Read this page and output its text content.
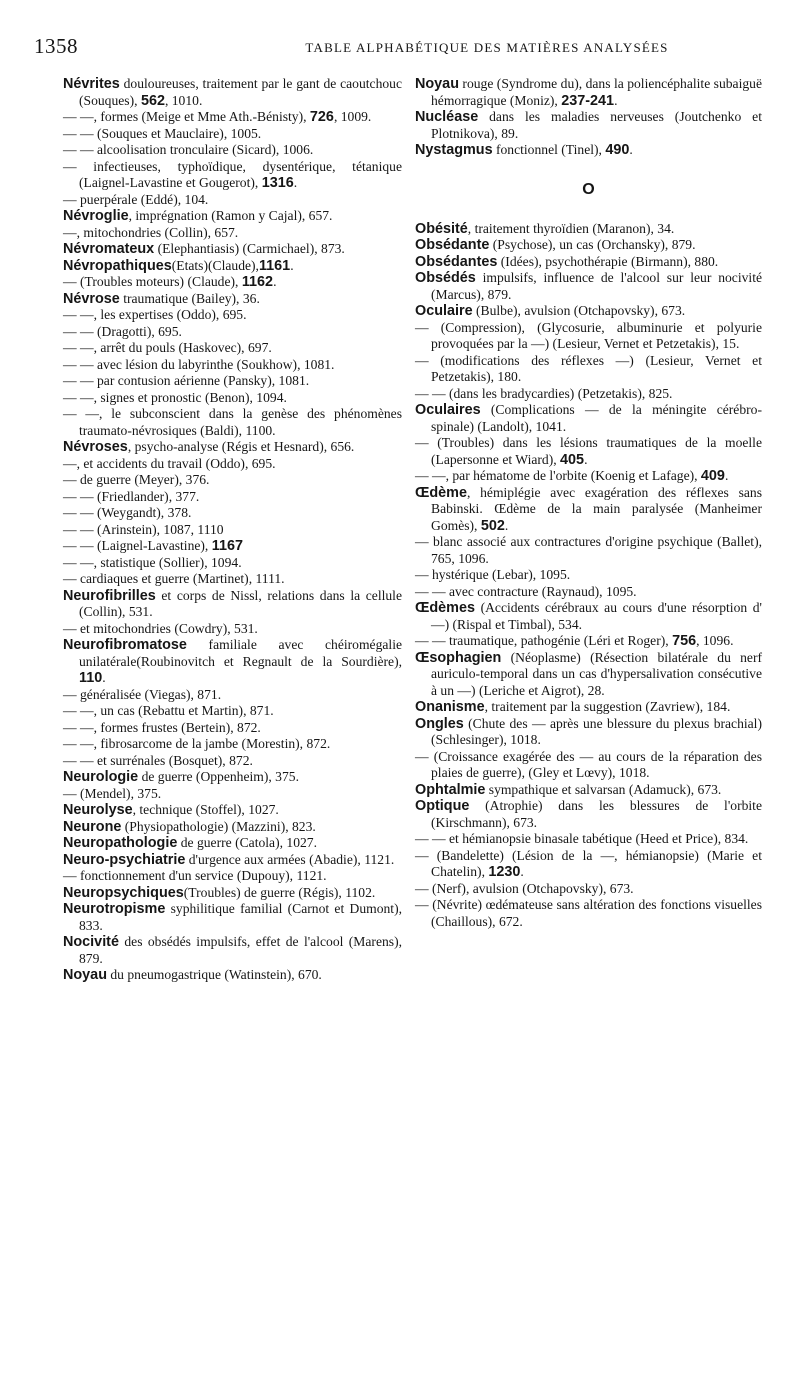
1358	TABLE ALPHABÉTIQUE DES MATIÈRES ANALYSÉES
Névrites douloureuses, traitement par le gant de caoutchouc (Souques), 562, 1010.
— —, formes (Meige et Mme Ath.-Bénisty), 726, 1009.
— — (Souques et Mauclaire), 1005.
— — alcoolisation tronculaire (Sicard), 1006.
— infectieuses, typhoïdique, dysentérique, tétanique (Laignel-Lavastine et Gougerot), 1316.
— puerpérale (Eddé), 104.
Névroglie, imprégnation (Ramon y Cajal), 657.
—, mitochondries (Collin), 657.
Névromateux (Elephantiasis) (Carmichael), 873.
Névropathiques(Etats)(Claude),1161.
— (Troubles moteurs) (Claude), 1162.
Névrose traumatique (Bailey), 36.
— —, les expertises (Oddo), 695.
— — (Dragotti), 695.
— —, arrêt du pouls (Haskovec), 697.
— — avec lésion du labyrinthe (Soukhow), 1081.
— — par contusion aérienne (Pansky), 1081.
— —, signes et pronostic (Benon), 1094.
— —, le subconscient dans la genèse des phénomènes traumato-névrosiques (Baldi), 1100.
Névroses, psycho-analyse (Régis et Hesnard), 656.
—, et accidents du travail (Oddo), 695.
— de guerre (Meyer), 376.
— — (Friedlander), 377.
— — (Weygandt), 378.
— — (Arinstein), 1087, 1110
— — (Laignel-Lavastine), 1167
— —, statistique (Sollier), 1094.
— cardiaques et guerre (Martinet), 1111.
Neurofibrilles et corps de Nissl, relations dans la cellule (Collin), 531.
— et mitochondries (Cowdry), 531.
Neurofibromatose familiale avec chéiromégalie unilatérale(Roubinovitch et Regnault de la Sourdière), 110.
— généralisée (Viegas), 871.
— —, un cas (Rebattu et Martin), 871.
— —, formes frustes (Bertein), 872.
— —, fibrosarcome de la jambe (Morestin), 872.
— — et surrénales (Bosquet), 872.
Neurologie de guerre (Oppenheim), 375.
— (Mendel), 375.
Neurolyse, technique (Stoffel), 1027.
Neurone (Physiopathologie) (Mazzini), 823.
Neuropathologie de guerre (Catola), 1027.
Neuro-psychiatrie d'urgence aux armées (Abadie), 1121.
— fonctionnement d'un service (Dupouy), 1121.
Neuropsychiques(Troubles) de guerre (Régis), 1102.
Neurotropisme syphilitique familial (Carnot et Dumont), 833.
Nocivité des obsédés impulsifs, effet de l'alcool (Marens), 879.
Noyau du pneumogastrique (Watinstein), 670.
Noyau rouge (Syndrome du), dans la poliencéphalite subaiguë hémorragique (Moniz), 237-241.
Nucléase dans les maladies nerveuses (Joutchenko et Plotnikova), 89.
Nystagmus fonctionnel (Tinel), 490.
O
Obésité, traitement thyroïdien (Maranon), 34.
Obsédante (Psychose), un cas (Orchansky), 879.
Obsédantes (Idées), psychothérapie (Birmann), 880.
Obsédés impulsifs, influence de l'alcool sur leur nocivité (Marcus), 879.
Oculaire (Bulbe), avulsion (Otchapovsky), 673.
— (Compression), (Glycosurie, albuminurie et polyurie provoquées par la —) (Lesieur, Vernet et Petzetakis), 15.
— (modifications des réflexes —) (Lesieur, Vernet et Petzetakis), 180.
— — (dans les bradycardies) (Petzetakis), 825.
Oculaires (Complications — de la méningite cérébro-spinale) (Landolt), 1041.
— (Troubles) dans les lésions traumatiques de la moelle (Lapersonne et Wiard), 405.
— —, par hématome de l'orbite (Koenig et Lafage), 409.
Œdème, hémiplégie avec exagération des réflexes sans Babinski. Œdème de la main paralysée (Manheimer Gomès), 502.
— blanc associé aux contractures d'origine psychique (Ballet), 765, 1096.
— hystérique (Lebar), 1095.
— — avec contracture (Raynaud), 1095.
Œdèmes (Accidents cérébraux au cours d'une résorption d' —) (Rispal et Timbal), 534.
— — traumatique, pathogénie (Léri et Roger), 756, 1096.
Œsophagien (Néoplasme) (Résection bilatérale du nerf auriculo-temporal dans un cas d'hypersalivation consécutive à un —) (Leriche et Aigrot), 28.
Onanisme, traitement par la suggestion (Zavriew), 184.
Ongles (Chute des — après une blessure du plexus brachial) (Schlesinger), 1018.
— (Croissance exagérée des — au cours de la réparation des plaies de guerre), (Gley et Lœvy), 1018.
Ophtalmie sympathique et salvarsan (Adamuck), 673.
Optique (Atrophie) dans les blessures de l'orbite (Kirschmann), 673.
— — et hémianopsie binasale tabétique (Heed et Price), 834.
— (Bandelette) (Lésion de la —, hémianopsie) (Marie et Chatelin), 1230.
— (Nerf), avulsion (Otchapovsky), 673.
— (Névrite) œdémateuse sans altération des fonctions visuelles (Chaillous), 672.
